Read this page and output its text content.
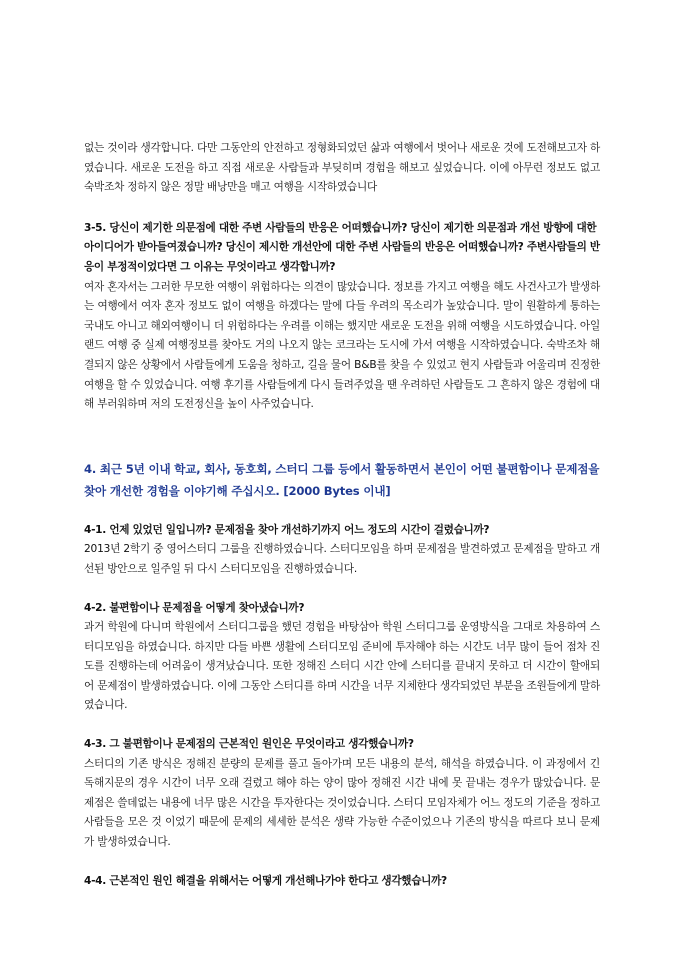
없는 것이라 생각합니다. 다만 그동안의 안전하고 정형화되었던 삶과 여행에서 벗어나 새로운 것에 도전해보고자 하였습니다. 새로운 도전을 하고 직접 새로운 사람들과 부딪히며 경험을 해보고 싶었습니다. 이에 아무런 정보도 없고 숙박조차 정하지 않은 정말 배낭만을 매고 여행을 시작하였습니다

3-5. 당신이 제기한 의문점에 대한 주변 사람들의 반응은 어떠했습니까? 당신이 제기한 의문점과 개선 방향에 대한 아이디어가 받아들여졌습니까? 당신이 제시한 개선안에 대한 주변 사람들의 반응은 어떠했습니까? 주변사람들의 반응이 부정적이었다면 그 이유는 무엇이라고 생각합니까?

여자 혼자서는 그러한 무모한 여행이 위험하다는 의견이 많았습니다. 정보를 가지고 여행을 해도 사건사고가 발생하는 여행에서 여자 혼자 정보도 없이 여행을 하겠다는 말에 다들 우려의 목소리가 높았습니다. 말이 원활하게 통하는 국내도 아니고 해외여행이니 더 위험하다는 우려를 이해는 했지만 새로운 도전을 위해 여행을 시도하였습니다. 아일랜드 여행 중 실제 여행정보를 찾아도 거의 나오지 않는 코크라는 도시에 가서 여행을 시작하였습니다. 숙박조차 해결되지 않은 상황에서 사람들에게 도움을 청하고, 길을 물어 B&B를 찾을 수 있었고 현지 사람들과 어울리며 진정한 여행을 할 수 있었습니다. 여행 후기를 사람들에게 다시 들려주었을 땐 우려하던 사람들도 그 흔하지 않은 경험에 대해 부러워하며 저의 도전정신을 높이 사주었습니다.

4. 최근 5년 이내 학교, 회사, 동호회, 스터디 그룹 등에서 활동하면서 본인이 어떤 불편함이나 문제점을 찾아 개선한 경험을 이야기해 주십시오. [2000 Bytes 이내]

4-1. 언제 있었던 일입니까? 문제점을 찾아 개선하기까지 어느 정도의 시간이 걸렸습니까?

2013년 2학기 중 영어스터디 그룹을 진행하였습니다. 스터디모임을 하며 문제점을 발견하였고 문제점을 말하고 개선된 방안으로 일주일 뒤 다시 스터디모임을 진행하였습니다.

4-2. 불편함이나 문제점을 어떻게 찾아냈습니까?

과거 학원에 다니며 학원에서 스터디그룹을 했던 경험을 바탕삼아 학원 스터디그룹 운영방식을 그대로 차용하여 스터디모임을 하였습니다. 하지만 다들 바쁜 생활에 스터디모임 준비에 투자해야 하는 시간도 너무 많이 들어 점차 진도를 진행하는데 어려움이 생겨났습니다. 또한 정해진 스터디 시간 안에 스터디를 끝내지 못하고 더 시간이 할애되어 문제점이 발생하였습니다. 이에 그동안 스터디를 하며 시간을 너무 지체한다 생각되었던 부분을 조원들에게 말하였습니다.

4-3. 그 불편함이나 문제점의 근본적인 원인은 무엇이라고 생각했습니까?

스터디의 기존 방식은 정해진 분량의 문제를 풀고 돌아가며 모든 내용의 분석, 해석을 하였습니다. 이 과정에서 긴 독해지문의 경우 시간이 너무 오래 걸렸고 해야 하는 양이 많아 정해진 시간 내에 못 끝내는 경우가 많았습니다. 문제점은 쓸데없는 내용에 너무 많은 시간을 투자한다는 것이었습니다. 스터디 모임자체가 어느 정도의 기준을 정하고 사람들을 모은 것 이었기 때문에 문제의 세세한 분석은 생략 가능한 수준이었으나 기존의 방식을 따르다 보니 문제가 발생하였습니다.

4-4. 근본적인 원인 해결을 위해서는 어떻게 개선해나가야 한다고 생각했습니까?
